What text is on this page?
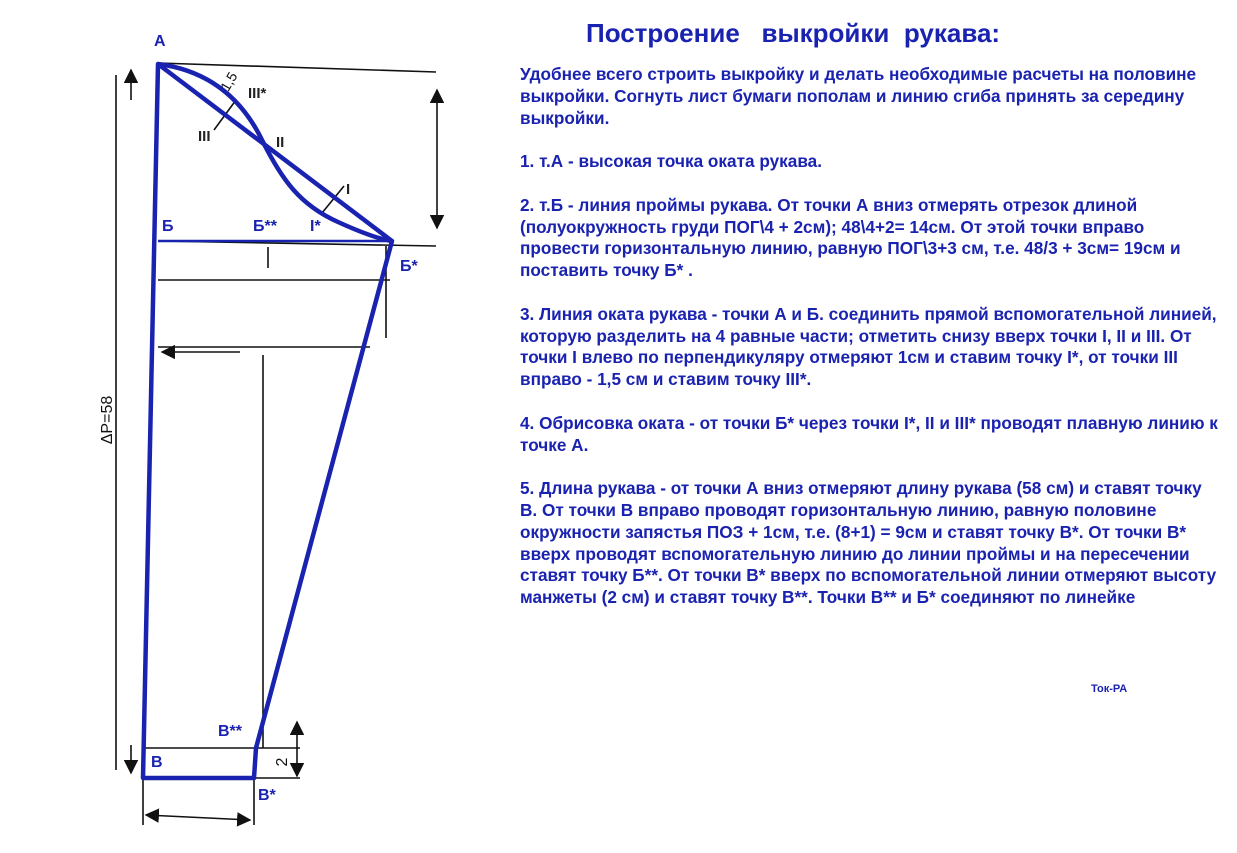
А
Б	Б** I*
Б*
III*
III	II
I
В**
В
В*
ΔР=58
2
1,5
Построение   выкройки  рукава:

Удобнее всего строить выкройку и делать необходимые расчеты на половине выкройки. Согнуть лист бумаги пополам и линию сгиба принять за середину выкройки.

1. т.А - высокая точка оката рукава.

2. т.Б - линия проймы рукава. От точки А вниз отмерять отрезок длиной (полуокружность груди ПОГ\4 + 2см); 48\4+2= 14см. От этой точки вправо провести горизонтальную линию, равную ПОГ\3+3 см, т.е. 48/3 + 3см= 19см и поставить точку Б* .

3. Линия оката рукава - точки А и Б. соединить прямой вспомогательной линией, которую разделить на 4 равные части; отметить снизу вверх точки I, II и III. От точки I влево по перпендикуляру отмеряют 1см и ставим точку I*, от точки III вправо - 1,5 см и ставим точку III*.

4. Обрисовка оката - от точки Б* через точки I*, II и III* проводят плавную линию к точке А.

5. Длина рукава - от точки А вниз отмеряют длину рукава (58 см) и ставят точку В. От точки В вправо проводят горизонтальную линию, равную половине окружности запястья ПОЗ + 1см, т.е. (8+1) = 9см и ставят точку В*. От точки В* вверх проводят вспомогательную линию до линии проймы и на пересечении ставят точку Б**. От точки В* вверх по вспомогательной линии отмеряют высоту манжеты (2 см) и ставят точку В**. Точки В** и Б* соединяют по линейке

Ток-РА
